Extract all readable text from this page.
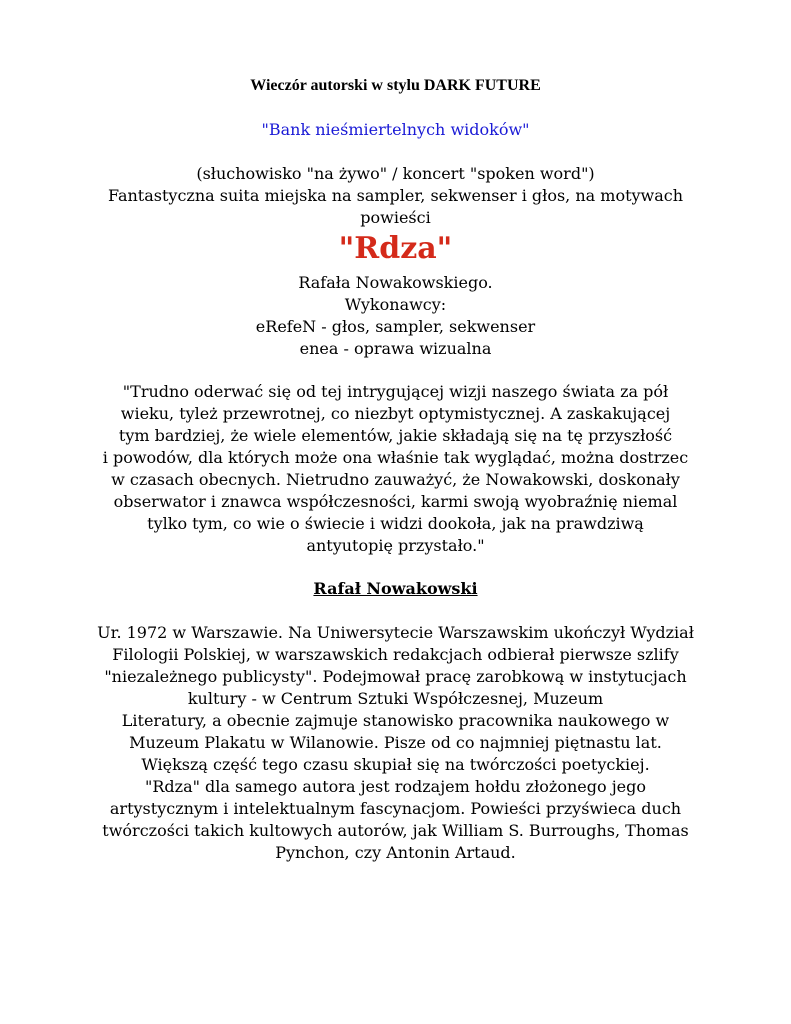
Wieczór autorski w stylu DARK FUTURE
"Bank nieśmiertelnych widoków"
(słuchowisko "na żywo" / koncert "spoken word")
Fantastyczna suita miejska na sampler, sekwenser i głos, na motywach
powieści
"Rdza"
Rafała Nowakowskiego.
Wykonawcy:
eRefeN - głos, sampler, sekwenser
enea - oprawa wizualna
"Trudno oderwać się od tej intrygującej wizji naszego świata za pół
wieku, tyleż przewrotnej, co niezbyt optymistycznej. A zaskakującej
tym bardziej, że wiele elementów, jakie składają się na tę przyszłość
i powodów, dla których może ona właśnie tak wyglądać, można dostrzec
w czasach obecnych. Nietrudno zauważyć, że Nowakowski, doskonały
obserwator i znawca współczesności, karmi swoją wyobraźnię niemal
tylko tym, co wie o świecie i widzi dookoła, jak na prawdziwą
antyutopię przystało."
Rafał Nowakowski
Ur. 1972 w Warszawie. Na Uniwersytecie Warszawskim ukończył Wydział
Filologii Polskiej, w warszawskich redakcjach odbierał pierwsze szlify
"niezależnego publicysty". Podejmował pracę zarobkową w instytucjach
kultury - w Centrum Sztuki Współczesnej, Muzeum
Literatury, a obecnie zajmuje stanowisko pracownika naukowego w
Muzeum Plakatu w Wilanowie. Pisze od co najmniej piętnastu lat.
Większą część tego czasu skupiał się na twórczości poetyckiej.
"Rdza" dla samego autora jest rodzajem hołdu złożonego jego
artystycznym i intelektualnym fascynacjom. Powieści przyświeca duch
twórczości takich kultowych autorów, jak William S. Burroughs, Thomas
Pynchon, czy Antonin Artaud.
